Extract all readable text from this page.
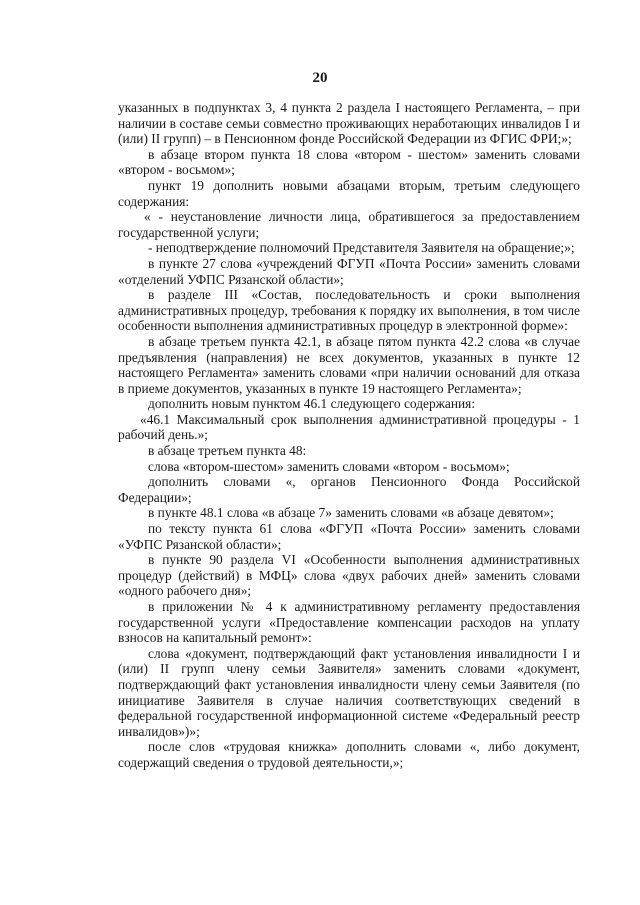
20

указанных в подпунктах 3, 4 пункта 2 раздела I настоящего Регламента, – при наличии в составе семьи совместно проживающих неработающих инвалидов I и (или) II групп) – в Пенсионном фонде Российской Федерации из ФГИС ФРИ;»;

в абзаце втором пункта 18 слова «втором - шестом» заменить словами «втором - восьмом»;

пункт 19 дополнить новыми абзацами вторым, третьим следующего содержания:

« - неустановление личности лица, обратившегося за предоставлением государственной услуги;

- неподтверждение полномочий Представителя Заявителя на обращение;»;

в пункте 27 слова «учреждений ФГУП «Почта России» заменить словами «отделений УФПС Рязанской области»;

в разделе III «Состав, последовательность и сроки выполнения административных процедур, требования к порядку их выполнения, в том числе особенности выполнения административных процедур в электронной форме»:

в абзаце третьем пункта 42.1, в абзаце пятом пункта 42.2 слова «в случае предъявления (направления) не всех документов, указанных в пункте 12 настоящего Регламента» заменить словами «при наличии оснований для отказа в приеме документов, указанных в пункте 19 настоящего Регламента»;

дополнить новым пунктом 46.1 следующего содержания:

«46.1 Максимальный срок выполнения административной процедуры - 1 рабочий день.»;

в абзаце третьем пункта 48:

слова «втором-шестом» заменить словами «втором - восьмом»;

дополнить словами «, органов Пенсионного Фонда Российской Федерации»;

в пункте 48.1 слова «в абзаце 7» заменить словами «в абзаце девятом»;

по тексту пункта 61 слова «ФГУП «Почта России» заменить словами «УФПС Рязанской области»;

в пункте 90 раздела VI «Особенности выполнения административных процедур (действий) в МФЦ» слова «двух рабочих дней» заменить словами «одного рабочего дня»;

в приложении № 4 к административному регламенту предоставления государственной услуги «Предоставление компенсации расходов на уплату взносов на капитальный ремонт»:

слова «документ, подтверждающий факт установления инвалидности I и (или) II групп члену семьи Заявителя» заменить словами «документ, подтверждающий факт установления инвалидности члену семьи Заявителя (по инициативе Заявителя в случае наличия соответствующих сведений в федеральной государственной информационной системе «Федеральный реестр инвалидов»)»;

после слов «трудовая книжка» дополнить словами «, либо документ, содержащий сведения о трудовой деятельности,»;
